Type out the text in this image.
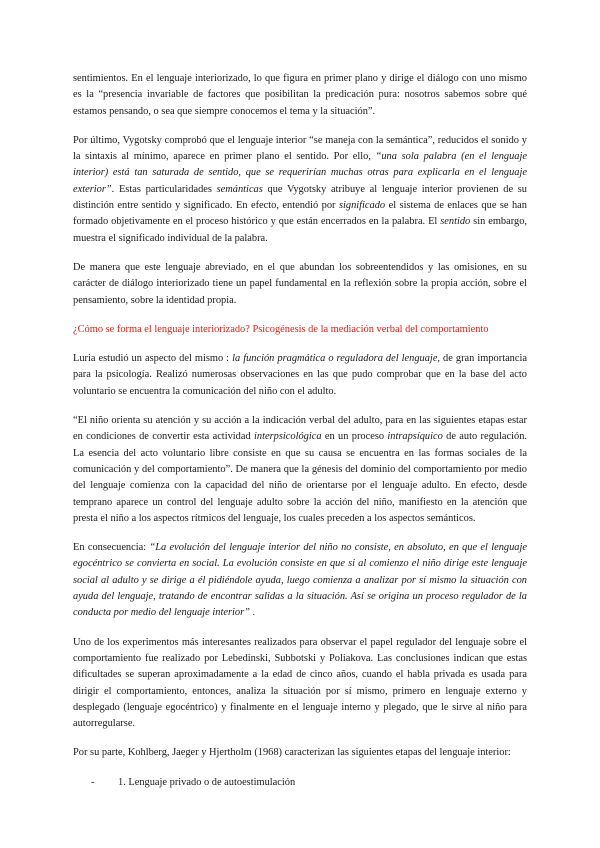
sentimientos. En el lenguaje interiorizado, lo que figura en primer plano y dirige el diálogo con uno mismo es la “presencia invariable de factores que posibilitan la predicación pura: nosotros sabemos sobre qué estamos pensando, o sea que siempre conocemos el tema y la situación”.

Por último, Vygotsky comprobó que el lenguaje interior “se maneja con la semántica”, reducidos el sonido y la sintaxis al mínimo, aparece en primer plano el sentido. Por ello, “una sola palabra (en el lenguaje interior) está tan saturada de sentido, que se requerirían muchas otras para explicarla en el lenguaje exterior”. Estas particularidades semánticas que Vygotsky atribuye al lenguaje interior provienen de su distinción entre sentido y significado. En efecto, entendió por significado el sistema de enlaces que se han formado objetivamente en el proceso histórico y que están encerrados en la palabra. El sentido sin embargo, muestra el significado individual de la palabra.

De manera que este lenguaje abreviado, en el que abundan los sobreentendidos y las omisiones, en su carácter de diálogo interiorizado tiene un papel fundamental en la reflexión sobre la propia acción, sobre el pensamiento, sobre la identidad propia.

¿Cómo se forma el lenguaje interiorizado? Psicogénesis de la mediación verbal del comportamiento

Luria estudió un aspecto del mismo : la función pragmática o reguladora del lenguaje, de gran importancia para la psicología. Realizó numerosas observaciones en las que pudo comprobar que en la base del acto voluntario se encuentra la comunicación del niño con el adulto.

“El niño orienta su atención y su acción a la indicación verbal del adulto, para en las siguientes etapas estar en condiciones de convertir esta actividad interpsicológica en un proceso intrapsíquico de auto regulación. La esencia del acto voluntario libre consiste en que su causa se encuentra en las formas sociales de la comunicación y del comportamiento”. De manera que la génesis del dominio del comportamiento por medio del lenguaje comienza con la capacidad del niño de orientarse por el lenguaje adulto. En efecto, desde temprano aparece un control del lenguaje adulto sobre la acción del niño, manifiesto en la atención que presta el niño a los aspectos rítmicos del lenguaje, los cuales preceden a los aspectos semánticos.

En consecuencia: “La evolución del lenguaje interior del niño no consiste, en absoluto, en que el lenguaje egocéntrico se convierta en social. La evolución consiste en que si al comienzo el niño dirige este lenguaje social al adulto y se dirige a él pidiéndole ayuda, luego comienza a analizar por sí mismo la situación con ayuda del lenguaje, tratando de encontrar salidas a la situación. Así se origina un proceso regulador de la conducta por medio del lenguaje interior” .

Uno de los experimentos más interesantes realizados para observar el papel regulador del lenguaje sobre el comportamiento fue realizado por Lebedinski, Subbotski y Poliakova. Las conclusiones indican que estas dificultades se superan aproximadamente a la edad de cinco años, cuando el habla privada es usada para dirigir el comportamiento, entonces, analiza la situación por sí mismo, primero en lenguaje externo y desplegado (lenguaje egocéntrico) y finalmente en el lenguaje interno y plegado, que le sirve al niño para autorregularse.

Por su parte, Kohlberg, Jaeger y Hjertholm (1968) caracterizan las siguientes etapas del lenguaje interior:

-	1. Lenguaje privado o de autoestimulación
